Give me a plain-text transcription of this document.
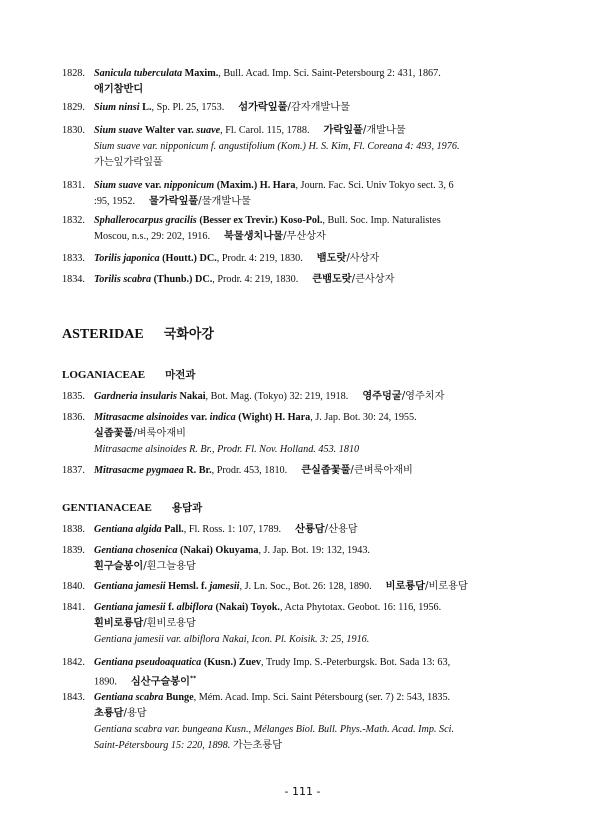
1828. Sanicula tuberculata Maxim., Bull. Acad. Imp. Sci. Saint-Petersbourg 2: 431, 1867.
애기참반디
1829. Sium ninsi L., Sp. Pl. 25, 1753. 섬가락잎풀/감자개발나물
1830. Sium suave Walter var. suave, Fl. Carol. 115, 1788. 가락잎풀/개발나물
Sium suave var. nipponicum f. angustifolium (Kom.) H. S. Kim, Fl. Coreana 4: 493, 1976.
가는잎가락잎풀
1831. Sium suave var. nipponicum (Maxim.) H. Hara, Journ. Fac. Sci. Univ Tokyo sect. 3, 6
:95, 1952. 물가락잎풀/물개발나물
1832. Sphallerocarpus gracilis (Besser ex Trevir.) Koso-Pol., Bull. Soc. Imp. Naturalistes
Moscou, n.s., 29: 202, 1916. 북물생치나물/무산상자
1833. Torilis japonica (Houtt.) DC., Prodr. 4: 219, 1830. 뱀도랏/사상자
1834. Torilis scabra (Thunb.) DC., Prodr. 4: 219, 1830. 큰뱀도랏/큰사상자
ASTERIDAE 국화아강
LOGANIACEAE 마전과
1835. Gardneria insularis Nakai, Bot. Mag. (Tokyo) 32: 219, 1918. 영주덩굴/영주치자
1836. Mitrasacme alsinoides var. indica (Wight) H. Hara, J. Jap. Bot. 30: 24, 1955.
실좁꽃풀/벼룩아재비
Mitrasacme alsinoides R. Br., Prodr. Fl. Nov. Holland. 453. 1810
1837. Mitrasacme pygmaea R. Br., Prodr. 453, 1810. 큰실좁꽃풀/큰벼룩아재비
GENTIANACEAE 용담과
1838. Gentiana algida Pall., Fl. Ross. 1: 107, 1789. 산룡담/산용담
1839. Gentiana chosenica (Nakai) Okuyama, J. Jap. Bot. 19: 132, 1943.
흰구슬봉이/흰그늘용담
1840. Gentiana jamesii Hemsl. f. jamesii, J. Ln. Soc., Bot. 26: 128, 1890. 비로룡담/비로용담
1841. Gentiana jamesii f. albiflora (Nakai) Toyok., Acta Phytotax. Geobot. 16: 116, 1956.
흰비로룡담/흰비로용담
Gentiana jamesii var. albiflora Nakai, Icon. Pl. Koisik. 3: 25, 1916.
1842. Gentiana pseudoaquatica (Kusn.) Zuev, Trudy Imp. S.-Peterburgsk. Bot. Sada 13: 63,
1890. 심산구슬봉이**
1843. Gentiana scabra Bunge, Mém. Acad. Imp. Sci. Saint Pétersbourg (ser. 7) 2: 543, 1835.
초룡담/용담
Gentiana scabra var. bungeana Kusn., Mélanges Biol. Bull. Phys.-Math. Acad. Imp. Sci.
Saint-Pétersbourg 15: 220, 1898. 가는초룡담
- 111 -
